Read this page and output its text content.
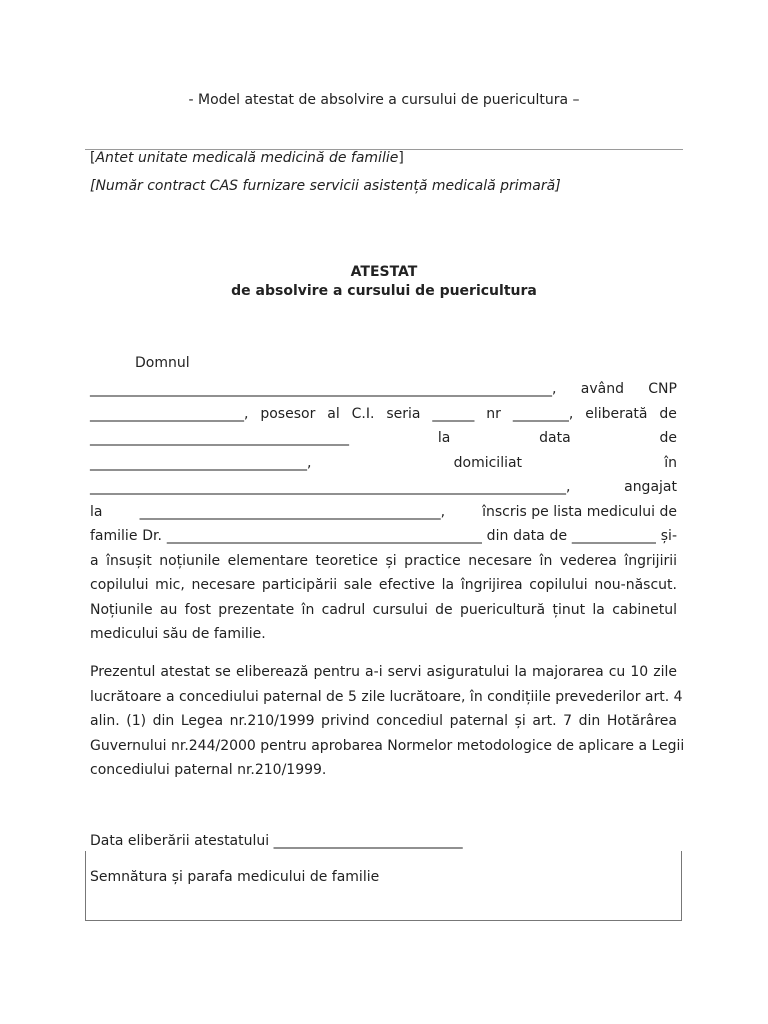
- Model atestat de absolvire a cursului de puericultura –
[Antet unitate medicală medicină de familie]
[Număr contract CAS furnizare servicii asistență medicală primară]
ATESTAT
de absolvire a cursului de puericultura
Domnul
__________________________________________________________________, având CNP
______________________, posesor al C.I. seria ______ nr ________, eliberată de
_____________________________________	la	data	de
_______________________________,	domiciliat	în
____________________________________________________________________,	angajat
la	___________________________________________,	înscris pe lista medicului de
familie Dr. _____________________________________________ din data de ____________ și-
a însușit noțiunile elementare teoretice și practice necesare în vederea îngrijirii
copilului mic, necesare participării sale efective la îngrijirea copilului nou-născut.
Noțiunile au fost prezentate în cadrul cursului de puericultură ținut la cabinetul
medicului său de familie.
Prezentul atestat se eliberează pentru a-i servi asiguratului la majorarea cu 10 zile
lucrătoare a concediului paternal de 5 zile lucrătoare, în condițiile prevederilor art. 4
alin. (1) din Legea nr.210/1999 privind concediul paternal și art. 7 din Hotărârea
Guvernului nr.244/2000 pentru aprobarea Normelor metodologice de aplicare a Legii
concediului paternal nr.210/1999.
Data eliberării atestatului ___________________________
Semnătura și parafa medicului de familie
